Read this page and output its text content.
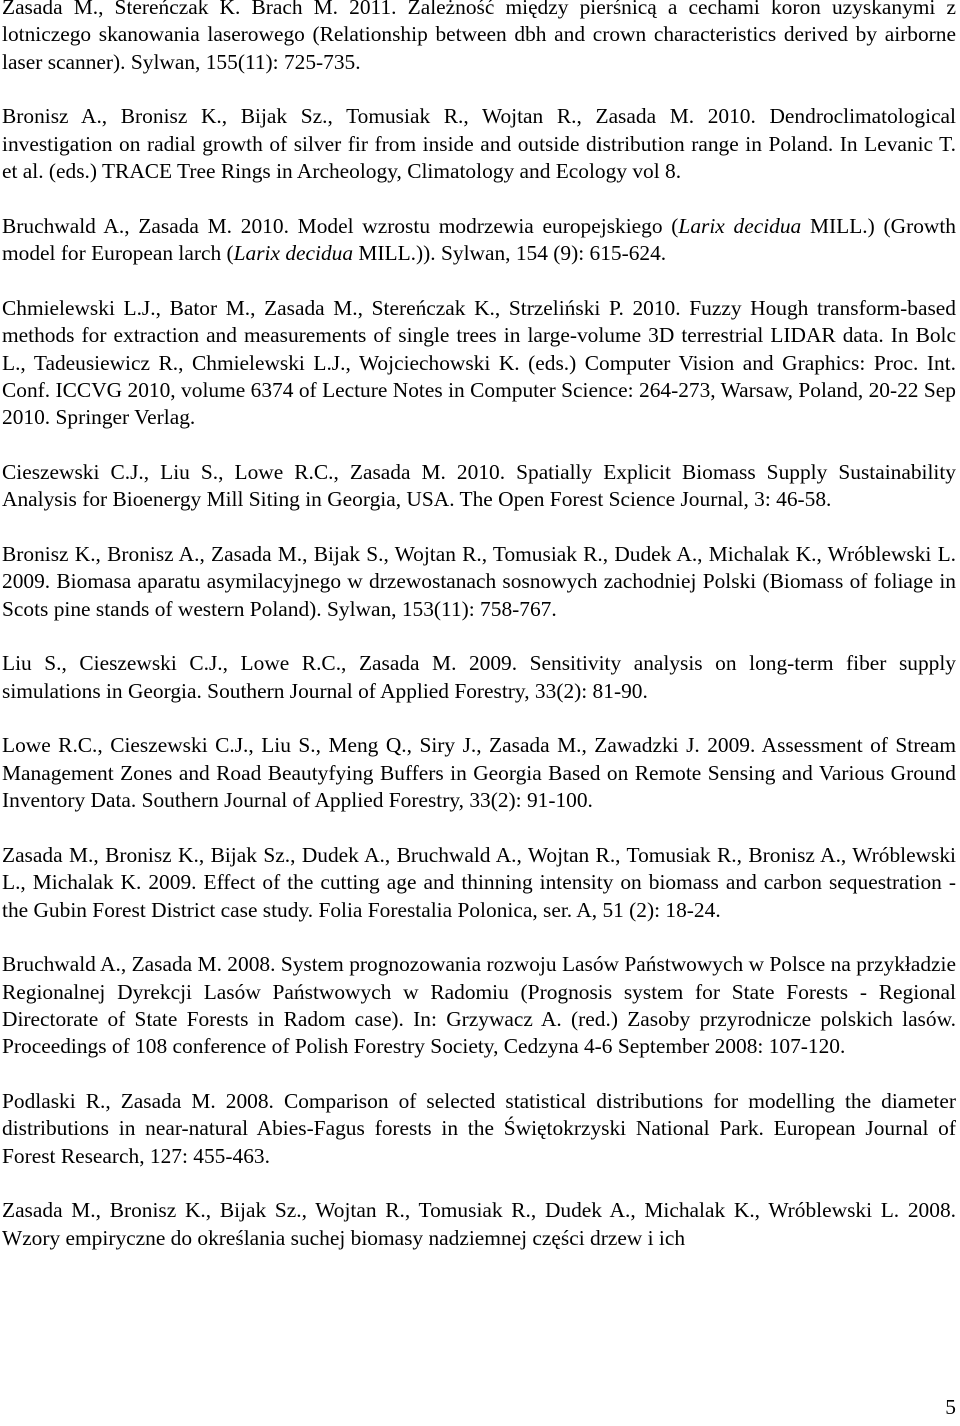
Zasada M., Stereńczak K. Brach M. 2011. Zależność między pierśnicą a cechami koron uzyskanymi z lotniczego skanowania laserowego (Relationship between dbh and crown characteristics derived by airborne laser scanner). Sylwan, 155(11): 725-735.

Bronisz A., Bronisz K., Bijak Sz., Tomusiak R., Wojtan R., Zasada M. 2010. Dendroclimatological investigation on radial growth of silver fir from inside and outside distribution range in Poland. In Levanic T. et al. (eds.) TRACE Tree Rings in Archeology, Climatology and Ecology vol 8.

Bruchwald A., Zasada M. 2010. Model wzrostu modrzewia europejskiego (Larix decidua MILL.) (Growth model for European larch (Larix decidua MILL.)). Sylwan, 154 (9): 615-624.

Chmielewski L.J., Bator M., Zasada M., Stereńczak K., Strzeliński P. 2010. Fuzzy Hough transform-based methods for extraction and measurements of single trees in large-volume 3D terrestrial LIDAR data. In Bolc L., Tadeusiewicz R., Chmielewski L.J., Wojciechowski K. (eds.) Computer Vision and Graphics: Proc. Int. Conf. ICCVG 2010, volume 6374 of Lecture Notes in Computer Science: 264-273, Warsaw, Poland, 20-22 Sep 2010. Springer Verlag.

Cieszewski C.J., Liu S., Lowe R.C., Zasada M. 2010. Spatially Explicit Biomass Supply Sustainability Analysis for Bioenergy Mill Siting in Georgia, USA. The Open Forest Science Journal, 3: 46-58.

Bronisz K., Bronisz A., Zasada M., Bijak S., Wojtan R., Tomusiak R., Dudek A., Michalak K., Wróblewski L. 2009. Biomasa aparatu asymilacyjnego w drzewostanach sosnowych zachodniej Polski (Biomass of foliage in Scots pine stands of western Poland). Sylwan, 153(11): 758-767.

Liu S., Cieszewski C.J., Lowe R.C., Zasada M. 2009. Sensitivity analysis on long-term fiber supply simulations in Georgia. Southern Journal of Applied Forestry, 33(2): 81-90.

Lowe R.C., Cieszewski C.J., Liu S., Meng Q., Siry J., Zasada M., Zawadzki J. 2009. Assessment of Stream Management Zones and Road Beautyfying Buffers in Georgia Based on Remote Sensing and Various Ground Inventory Data. Southern Journal of Applied Forestry, 33(2): 91-100.

Zasada M., Bronisz K., Bijak Sz., Dudek A., Bruchwald A., Wojtan R., Tomusiak R., Bronisz A., Wróblewski L., Michalak K. 2009. Effect of the cutting age and thinning intensity on biomass and carbon sequestration - the Gubin Forest District case study. Folia Forestalia Polonica, ser. A, 51 (2): 18-24.

Bruchwald A., Zasada M. 2008. System prognozowania rozwoju Lasów Państwowych w Polsce na przykładzie Regionalnej Dyrekcji Lasów Państwowych w Radomiu (Prognosis system for State Forests - Regional Directorate of State Forests in Radom case). In: Grzywacz A. (red.) Zasoby przyrodnicze polskich lasów. Proceedings of 108 conference of Polish Forestry Society, Cedzyna 4-6 September 2008: 107-120.

Podlaski R., Zasada M. 2008. Comparison of selected statistical distributions for modelling the diameter distributions in near-natural Abies-Fagus forests in the Świętokrzyski National Park. European Journal of Forest Research, 127: 455-463.

Zasada M., Bronisz K., Bijak Sz., Wojtan R., Tomusiak R., Dudek A., Michalak K., Wróblewski L. 2008. Wzory empiryczne do określania suchej biomasy nadziemnej części drzew i ich

5
